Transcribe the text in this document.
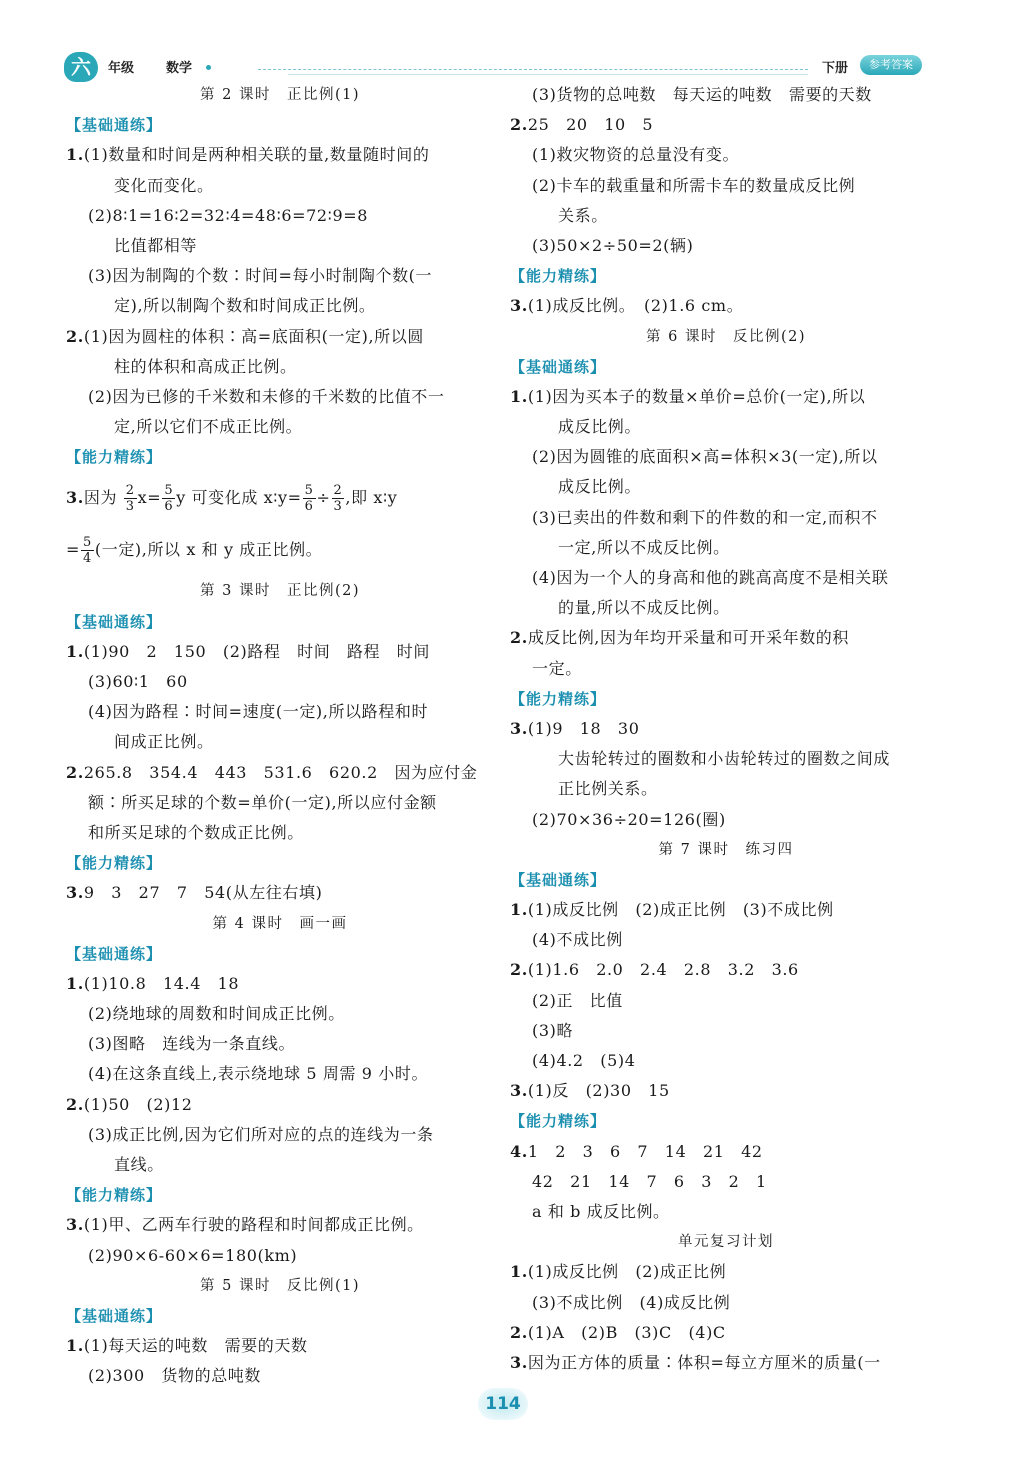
六	年级 数学	下册	参考答案
第 2 课时　正比例(1)
【基础通练】
1.(1)数量和时间是两种相关联的量,数量随时间的
变化而变化。
(2)8∶1=16∶2=32∶4=48∶6=72∶9=8
比值都相等
(3)因为制陶的个数∶时间=每小时制陶个数(一
定),所以制陶个数和时间成正比例。
2.(1)因为圆柱的体积∶高=底面积(一定),所以圆
柱的体积和高成正比例。
(2)因为已修的千米数和未修的千米数的比值不一
定,所以它们不成正比例。
【能力精练】
3.因为 $\frac{2}{3} x= \frac{5}{6}$ y 可变化成 x∶y= $\frac{5}{6} \div \frac{2}{3}$ ,即 x∶y
= $\frac{5}{4}$ (一定),所以 x 和 y 成正比例。
第 3 课时　正比例(2)
【基础通练】
1.(1)90　2　150　(2)路程　时间　路程　时间
(3)60∶1　60
(4)因为路程∶时间=速度(一定),所以路程和时
间成正比例。
2.265.8　354.4　443　531.6　620.2　因为应付金
额∶所买足球的个数=单价(一定),所以应付金额
和所买足球的个数成正比例。
【能力精练】
3.9　3　27　7　54(从左往右填)
第 4 课时　画一画
【基础通练】
1.(1)10.8　14.4　18
(2)绕地球的周数和时间成正比例。
(3)图略　连线为一条直线。
(4)在这条直线上,表示绕地球 5 周需 9 小时。
2.(1)50　(2)12
(3)成正比例,因为它们所对应的点的连线为一条
直线。
【能力精练】
3.(1)甲、乙两车行驶的路程和时间都成正比例。
(2)90×6-60×6=180(km)
第 5 课时　反比例(1)
【基础通练】
1.(1)每天运的吨数　需要的天数
(2)300　货物的总吨数
(3)货物的总吨数　每天运的吨数　需要的天数
2.25　20　10　5
(1)救灾物资的总量没有变。
(2)卡车的载重量和所需卡车的数量成反比例
关系。
(3)50×2÷50=2(辆)
【能力精练】
3.(1)成反比例。　(2)1.6 cm。
第 6 课时　反比例(2)
【基础通练】
1.(1)因为买本子的数量×单价=总价(一定),所以
成反比例。
(2)因为圆锥的底面积×高=体积×3(一定),所以
成反比例。
(3)已卖出的件数和剩下的件数的和一定,而积不
一定,所以不成反比例。
(4)因为一个人的身高和他的跳高高度不是相关联
的量,所以不成反比例。
2.成反比例,因为年均开采量和可开采年数的积
一定。
【能力精练】
3.(1)9　18　30
大齿轮转过的圈数和小齿轮转过的圈数之间成
正比例关系。
(2)70×36÷20=126(圈)
第 7 课时　练习四
【基础通练】
1.(1)成反比例　(2)成正比例　(3)不成比例
(4)不成比例
2.(1)1.6　2.0　2.4　2.8　3.2　3.6
(2)正　比值
(3)略
(4)4.2　(5)4
3.(1)反　(2)30　15
【能力精练】
4.1　2　3　6　7　14　21　42
42　21　14　7　6　3　2　1
a 和 b 成反比例。
单元复习计划
1.(1)成反比例　(2)成正比例
(3)不成比例　(4)成反比例
2.(1)A　(2)B　(3)C　(4)C
3.因为正方体的质量∶体积=每立方厘米的质量(一
114
